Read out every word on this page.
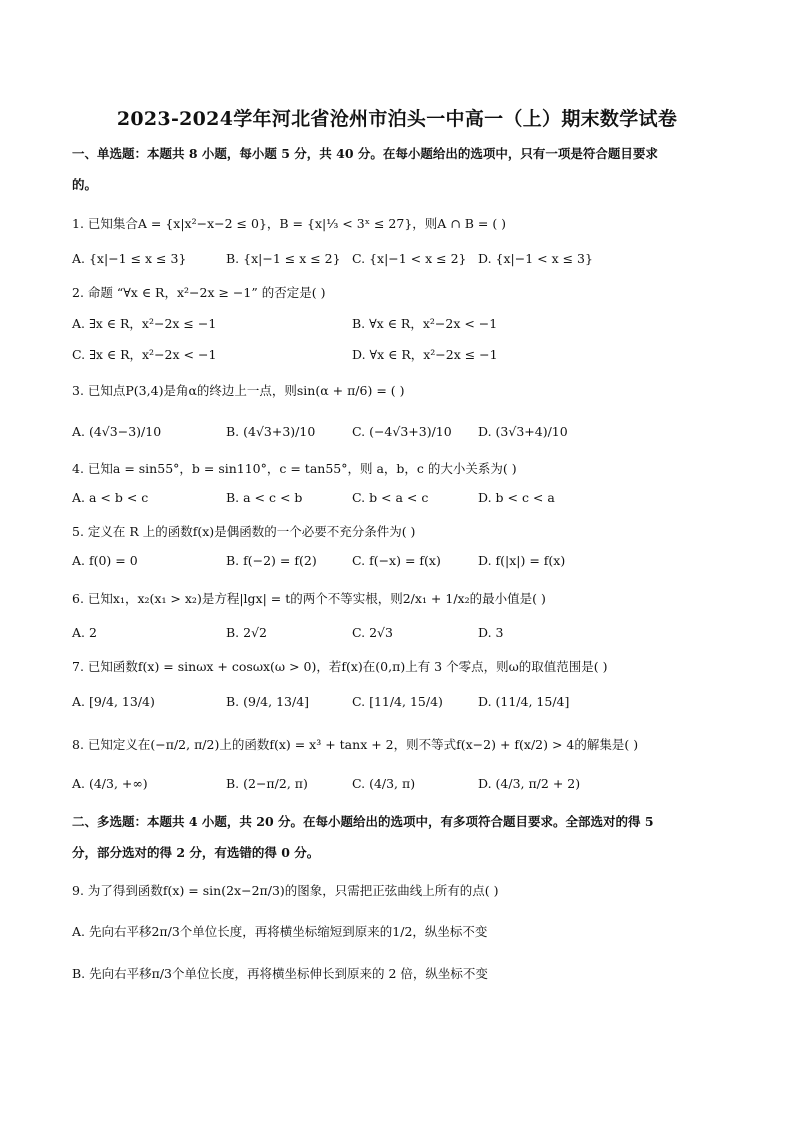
2023-2024学年河北省沧州市泊头一中高一（上）期末数学试卷
一、单选题：本题共 8 小题，每小题 5 分，共 40 分。在每小题给出的选项中，只有一项是符合题目要求
的。
1. 已知集合A = {x|x²−x−2 ≤ 0}，B = {x|⅓ < 3ˣ ≤ 27}，则A ∩ B = ( )
A. {x|−1 ≤ x ≤ 3}	B. {x|−1 ≤ x ≤ 2} C. {x|−1 < x ≤ 2} D. {x|−1 < x ≤ 3}
2. 命题 “∀x ∈ R，x²−2x ≥ −1” 的否定是( )
A. ∃x ∈ R，x²−2x ≤ −1	B. ∀x ∈ R，x²−2x < −1
C. ∃x ∈ R，x²−2x < −1	D. ∀x ∈ R，x²−2x ≤ −1
3. 已知点P(3,4)是角α的终边上一点，则sin(α + π/6) = ( )
A. (4√3−3)/10	B. (4√3+3)/10	C. (−4√3+3)/10 D. (3√3+4)/10
4. 已知a = sin55°，b = sin110°，c = tan55°，则 a，b，c 的大小关系为( )
A. a < b < c	B. a < c < b	C. b < a < c	D. b < c < a
5. 定义在 R 上的函数f(x)是偶函数的一个必要不充分条件为( )
A. f(0) = 0	B. f(−2) = f(2)	C. f(−x) = f(x)	D. f(|x|) = f(x)
6. 已知x₁，x₂(x₁ > x₂)是方程|lgx| = t的两个不等实根，则2/x₁ + 1/x₂的最小值是( )
A. 2	B. 2√2	C. 2√3	D. 3
7. 已知函数f(x) = sinωx + cosωx(ω > 0)，若f(x)在(0,π)上有 3 个零点，则ω的取值范围是( )
A. [9/4, 13/4)	B. (9/4, 13/4]	C. [11/4, 15/4)	D. (11/4, 15/4]
8. 已知定义在(−π/2, π/2)上的函数f(x) = x³ + tanx + 2，则不等式f(x−2) + f(x/2) > 4的解集是( )
A. (4/3, +∞)	B. (2−π/2, π)	C. (4/3, π)	D. (4/3, π/2 + 2)
二、多选题：本题共 4 小题，共 20 分。在每小题给出的选项中，有多项符合题目要求。全部选对的得 5
分，部分选对的得 2 分，有选错的得 0 分。
9. 为了得到函数f(x) = sin(2x−2π/3)的图象，只需把正弦曲线上所有的点( )
A. 先向右平移2π/3个单位长度，再将横坐标缩短到原来的1/2，纵坐标不变
B. 先向右平移π/3个单位长度，再将横坐标伸长到原来的 2 倍，纵坐标不变
